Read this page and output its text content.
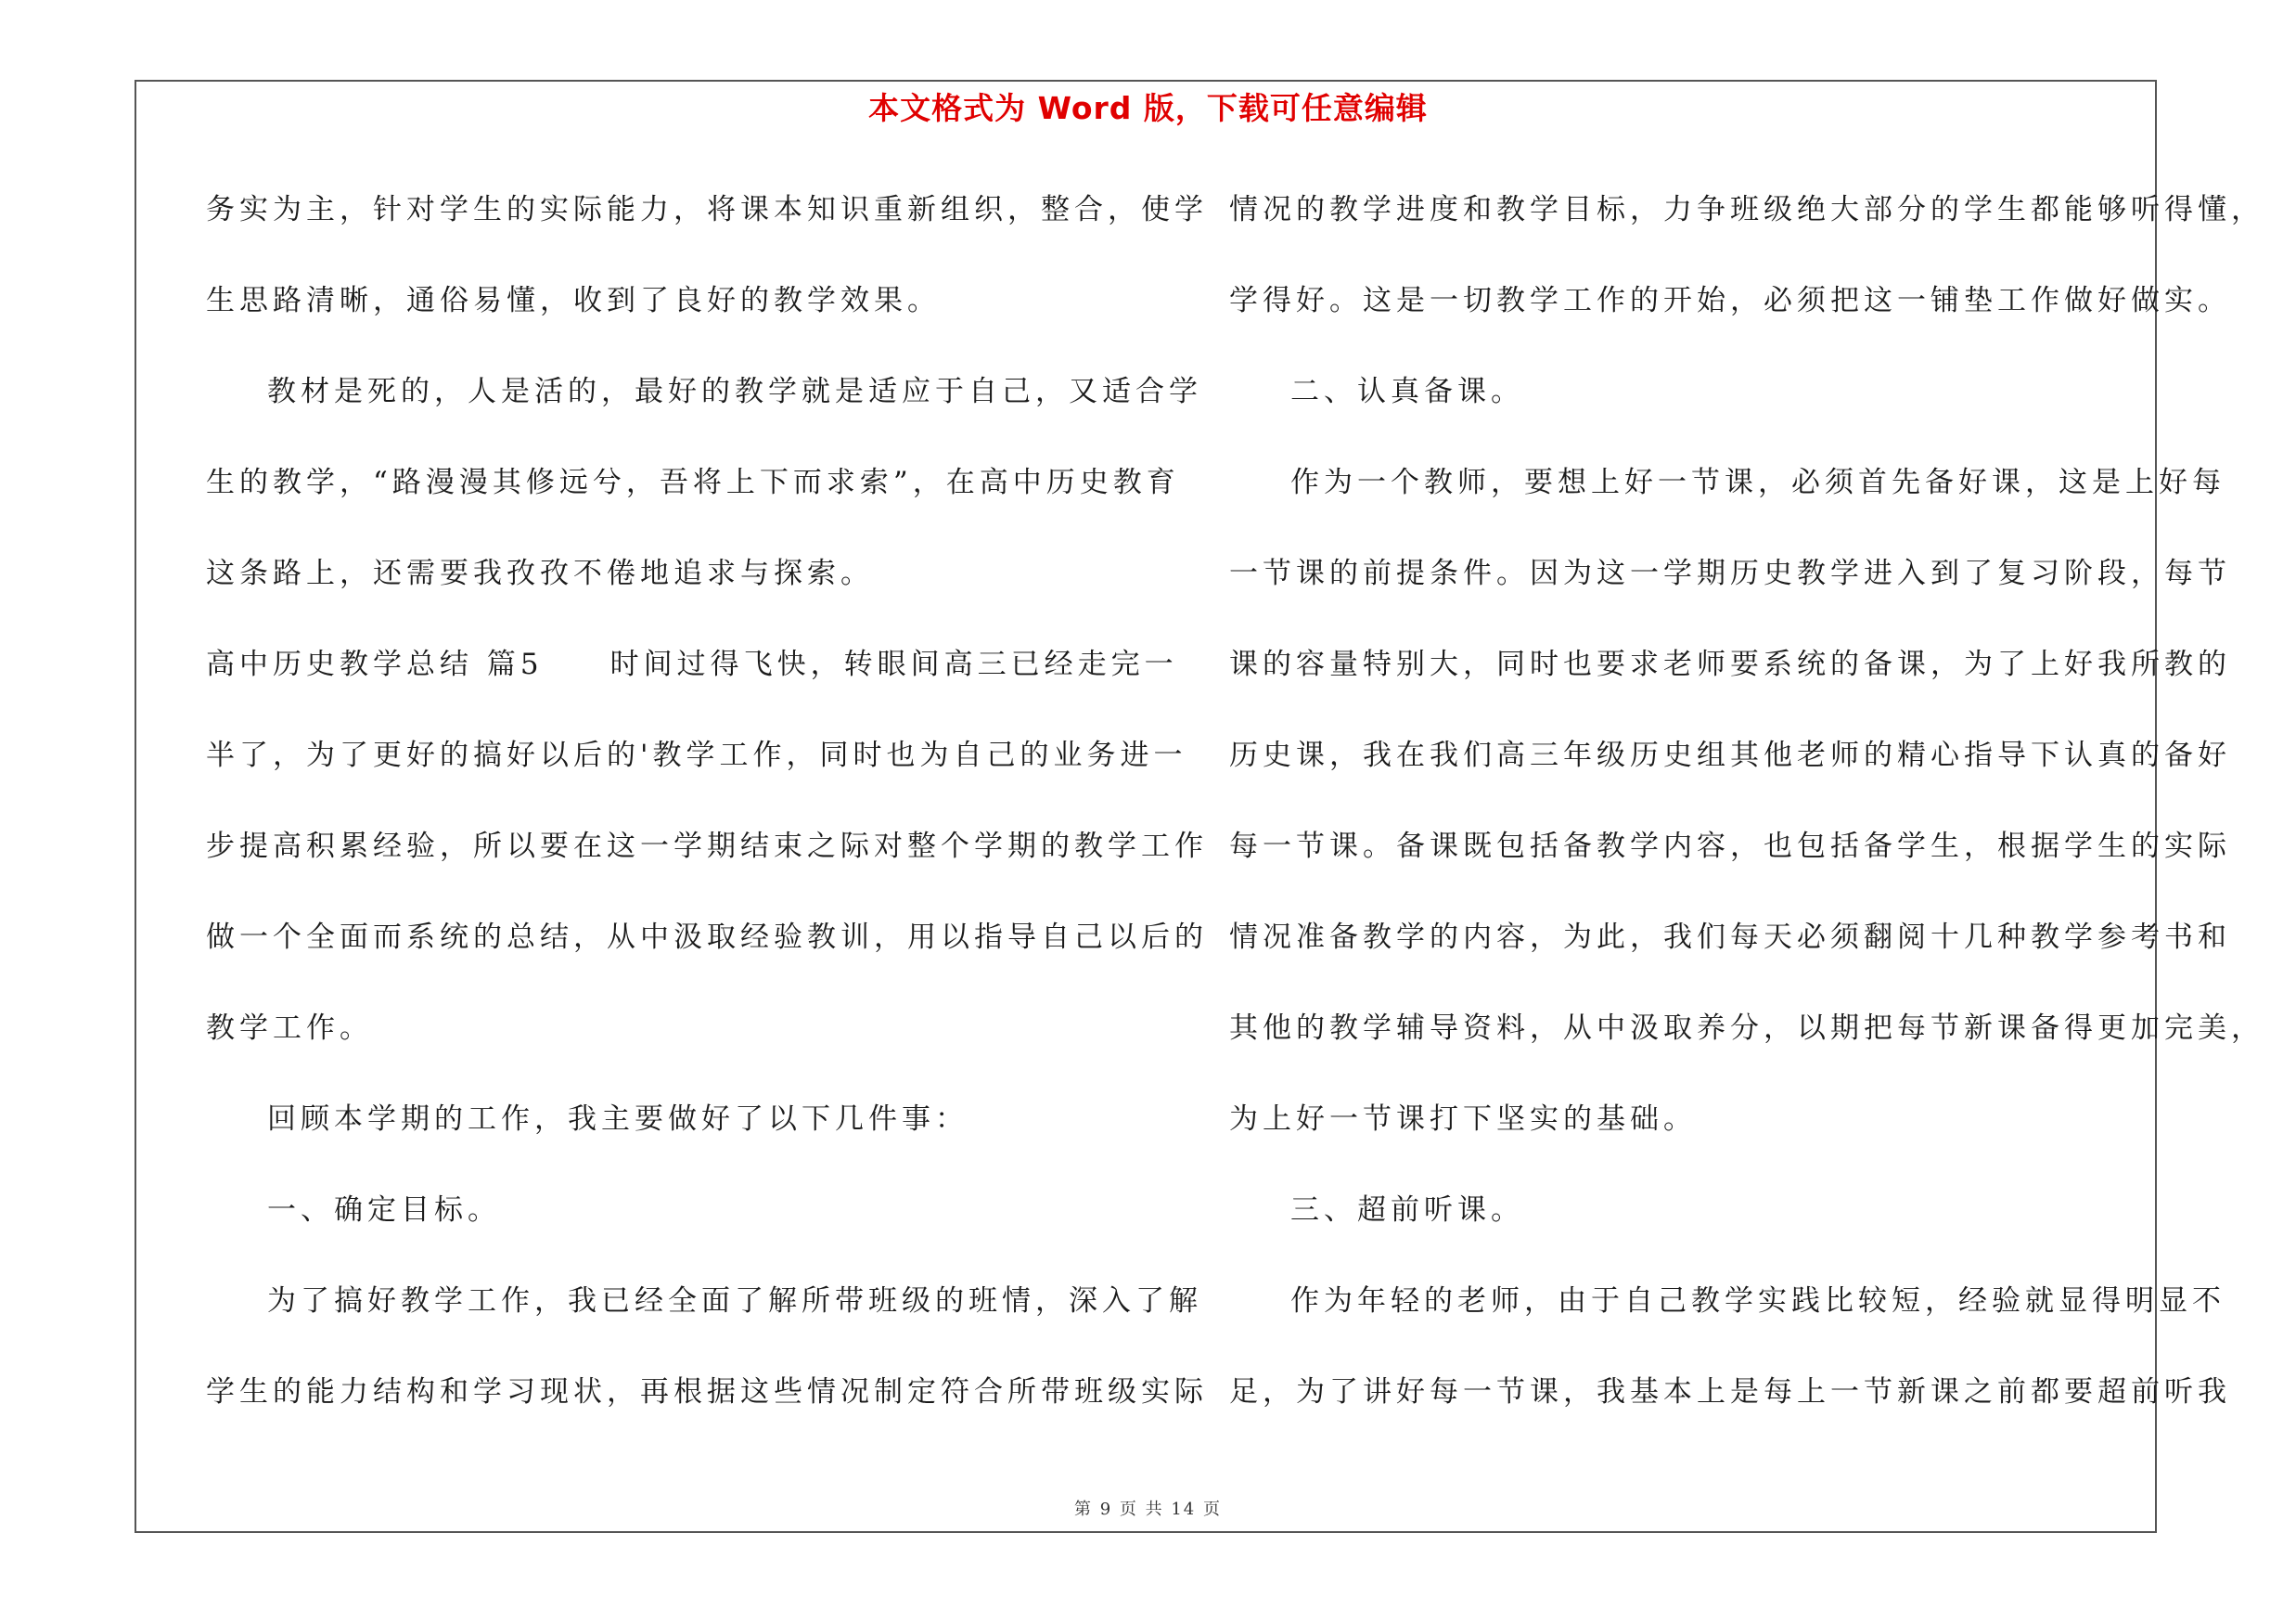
本文格式为 Word 版，下载可任意编辑
务实为主，针对学生的实际能力，将课本知识重新组织，整合，使学
生思路清晰，通俗易懂，收到了良好的教学效果。
教材是死的，人是活的，最好的教学就是适应于自己，又适合学
生的教学，“路漫漫其修远兮，吾将上下而求索”，在高中历史教育
这条路上，还需要我孜孜不倦地追求与探索。
高中历史教学总结 篇5　　时间过得飞快，转眼间高三已经走完一
半了，为了更好的搞好以后的'教学工作，同时也为自己的业务进一
步提高积累经验，所以要在这一学期结束之际对整个学期的教学工作
做一个全面而系统的总结，从中汲取经验教训，用以指导自己以后的
教学工作。
回顾本学期的工作，我主要做好了以下几件事：
一、确定目标。
为了搞好教学工作，我已经全面了解所带班级的班情，深入了解
学生的能力结构和学习现状，再根据这些情况制定符合所带班级实际
情况的教学进度和教学目标，力争班级绝大部分的学生都能够听得懂，
学得好。这是一切教学工作的开始，必须把这一铺垫工作做好做实。
二、认真备课。
作为一个教师，要想上好一节课，必须首先备好课，这是上好每
一节课的前提条件。因为这一学期历史教学进入到了复习阶段，每节
课的容量特别大，同时也要求老师要系统的备课，为了上好我所教的
历史课，我在我们高三年级历史组其他老师的精心指导下认真的备好
每一节课。备课既包括备教学内容，也包括备学生，根据学生的实际
情况准备教学的内容，为此，我们每天必须翻阅十几种教学参考书和
其他的教学辅导资料，从中汲取养分，以期把每节新课备得更加完美，
为上好一节课打下坚实的基础。
三、超前听课。
作为年轻的老师，由于自己教学实践比较短，经验就显得明显不
足，为了讲好每一节课，我基本上是每上一节新课之前都要超前听我
第 9 页 共 14 页
